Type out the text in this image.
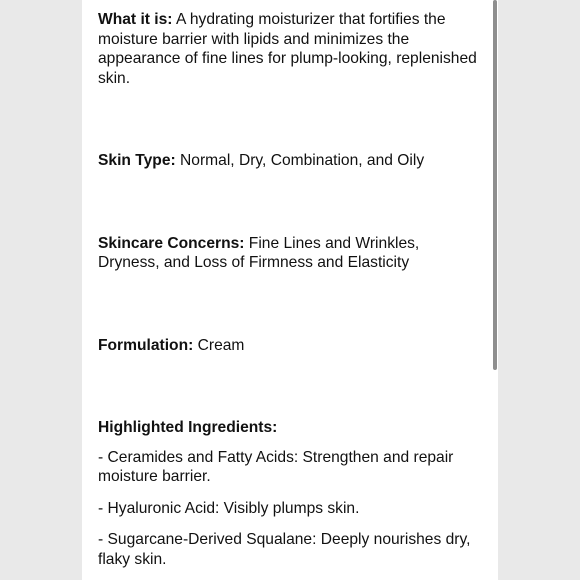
What it is: A hydrating moisturizer that fortifies the moisture barrier with lipids and minimizes the appearance of fine lines for plump-looking, replenished skin.

Skin Type: Normal, Dry, Combination, and Oily

Skincare Concerns: Fine Lines and Wrinkles, Dryness, and Loss of Firmness and Elasticity

Formulation: Cream

Highlighted Ingredients:

- Ceramides and Fatty Acids: Strengthen and repair moisture barrier.

- Hyaluronic Acid: Visibly plumps skin.

- Sugarcane-Derived Squalane: Deeply nourishes dry, flaky skin.
